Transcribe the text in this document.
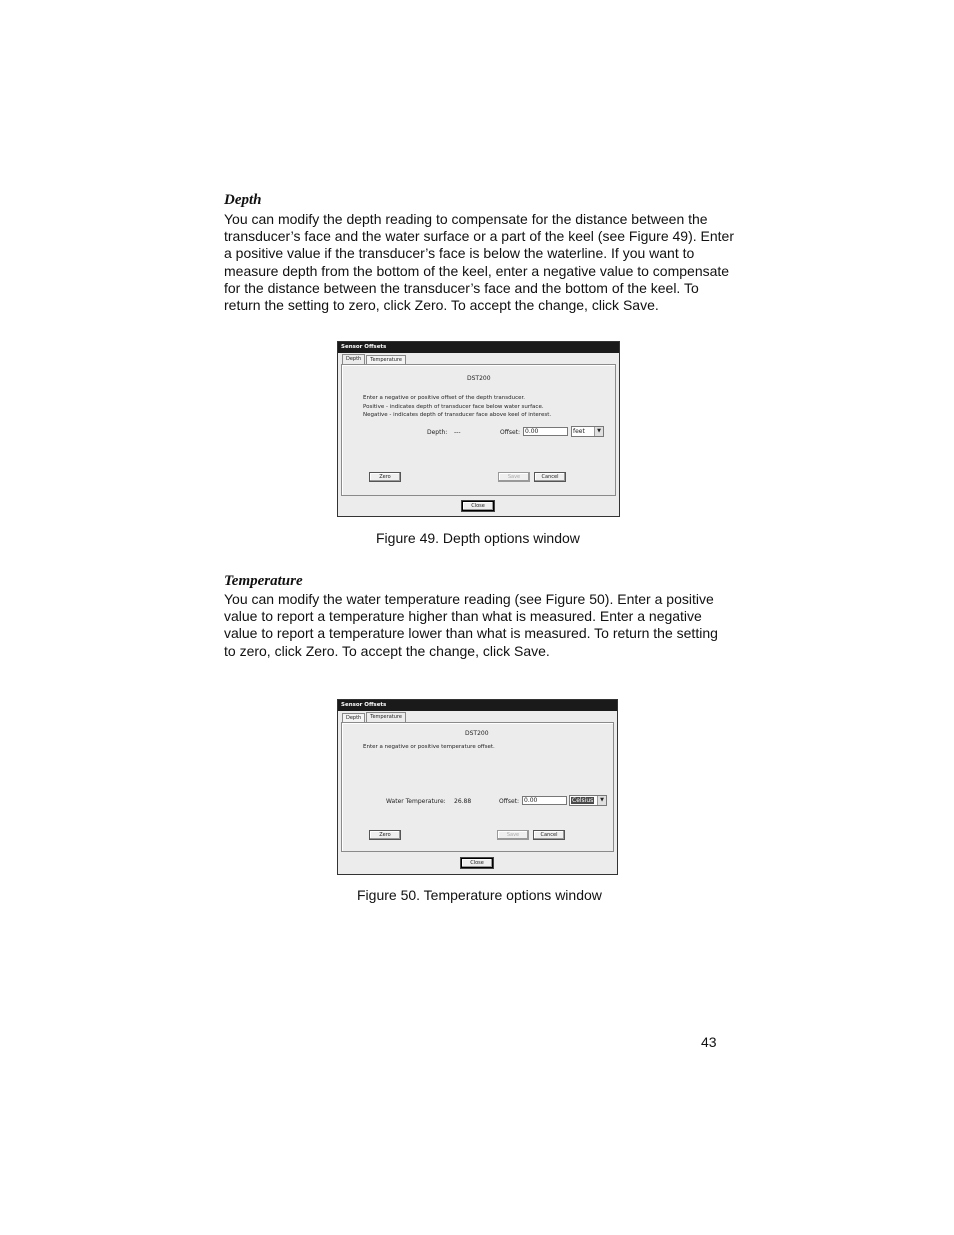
Depth
You can modify the depth reading to compensate for the distance between the
transducer’s face and the water surface or a part of the keel (see Figure 49). Enter
a positive value if the transducer’s face is below the waterline. If you want to
measure depth from the bottom of the keel, enter a negative value to compensate
for the distance between the transducer’s face and the bottom of the keel. To
return the setting to zero, click Zero. To accept the change, click Save.
Sensor Offsets
Depth	Temperature
DST200
Enter a negative or positive offset of the depth transducer.
Positive - indicates depth of transducer face below water surface.
Negative - indicates depth of transducer face above keel of interest.
Depth: ---	Offset: 0.00	feet	▼
Zero	Save	Cancel
Close
Figure 49. Depth options window
Temperature
You can modify the water temperature reading (see Figure 50). Enter a positive
value to report a temperature higher than what is measured. Enter a negative
value to report a temperature lower than what is measured. To return the setting
to zero, click Zero. To accept the change, click Save.
Sensor Offsets
Depth	Temperature
DST200
Enter a negative or positive temperature offset.
Water Temperature: 26.88	Offset: 0.00	Celsius	▼
Zero	Save	Cancel
Close
Figure 50. Temperature options window
43
